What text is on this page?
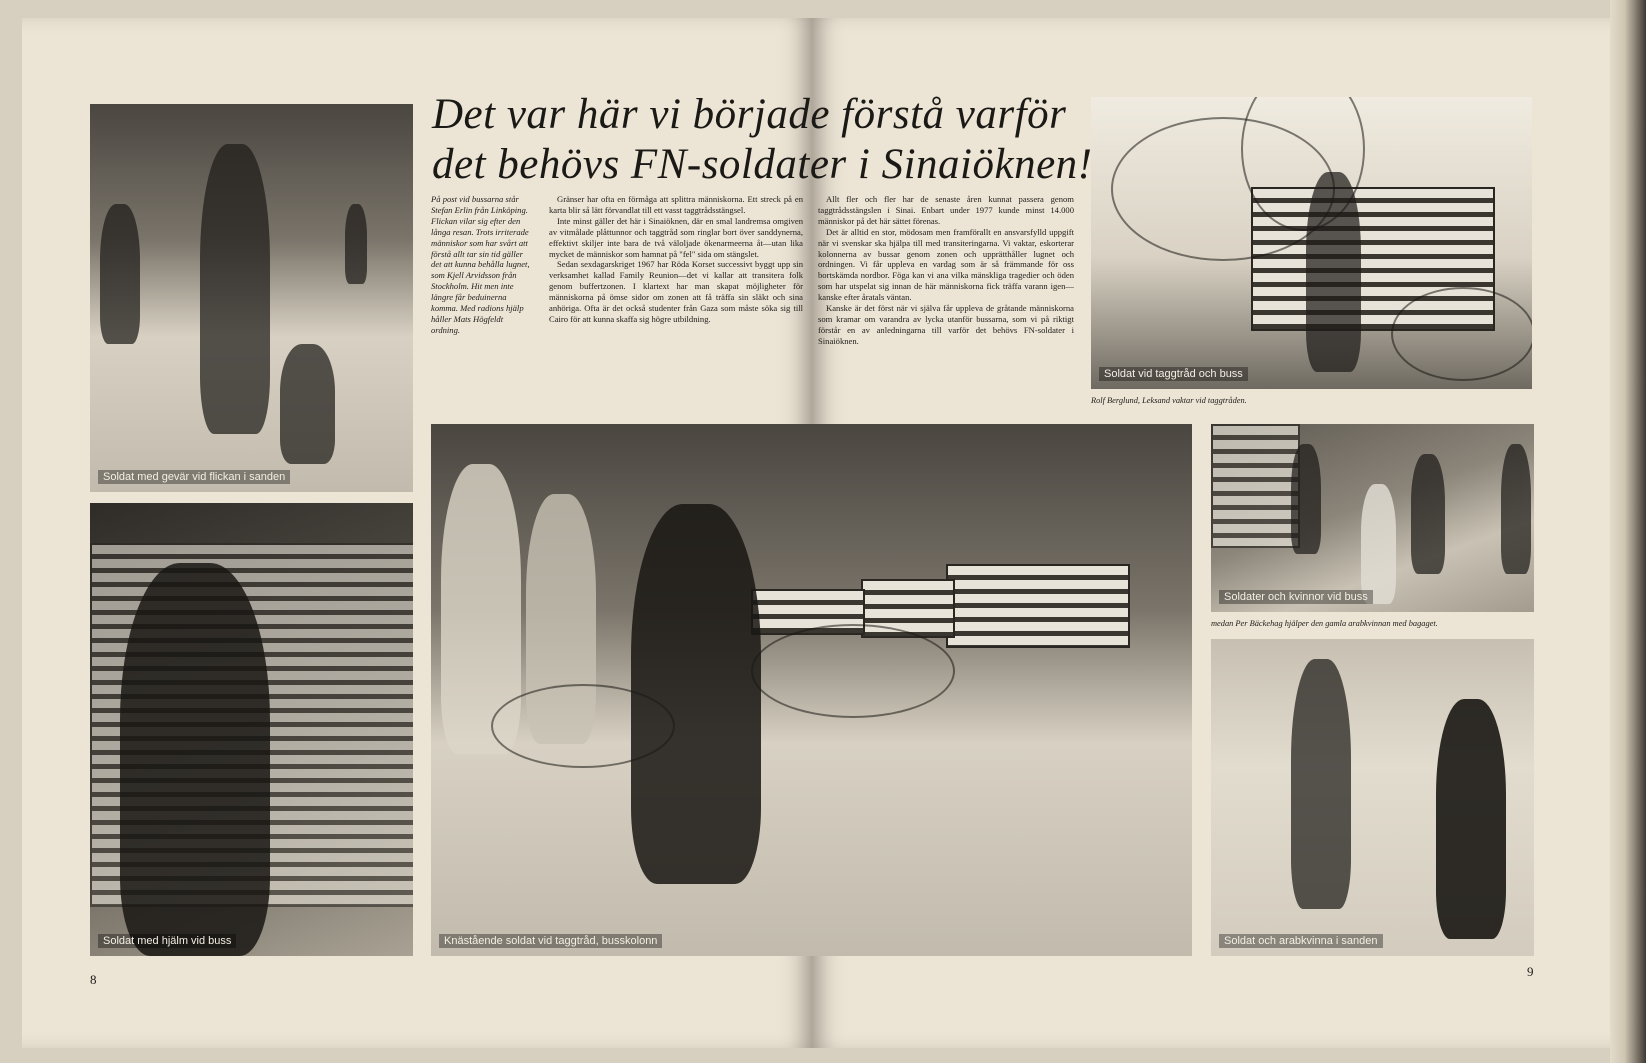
Soldat med gevär vid flickan i sanden
Soldat med hjälm vid buss	Knästående soldat vid taggtråd, busskolonn
Soldat vid taggtråd och buss
Soldater och kvinnor vid buss
Soldat och arabkvinna i sanden
Det var här vi började förstå varför
det behövs FN-soldater i Sinaiöknen!
På post vid bussarna står Stefan Erlin från Linköping. Flickan vilar sig efter den långa resan. Trots irriterade människor som har svårt att förstå allt tar sin tid gäller det att kunna behålla lugnet, som Kjell Arvidsson från Stockholm. Hit men inte längre får beduinerna komma. Med radions hjälp håller Mats Högfeldt ordning.

Gränser har ofta en förmåga att splittra människorna. Ett streck på en karta blir så lätt förvandlat till ett vasst taggtrådsstängsel.

Inte minst gäller det här i Sinaiöknen, där en smal landremsa omgiven av vitmålade plåttunnor och taggtråd som ringlar bort över sanddynerna, effektivt skiljer inte bara de två väloljade ökenarmeerna åt—utan lika mycket de människor som hamnat på "fel" sida om stängslet.

Sedan sexdagarskriget 1967 har Röda Korset successivt byggt upp sin verksamhet kallad Family Reunion—det vi kallar att transitera folk genom buffertzonen. I klartext har man skapat möjligheter för människorna på ömse sidor om zonen att få träffa sin släkt och sina anhöriga. Ofta är det också studenter från Gaza som måste söka sig till Cairo för att kunna skaffa sig högre utbildning.

Allt fler och fler har de senaste åren kunnat passera genom taggtrådsstängslen i Sinai. Enbart under 1977 kunde minst 14.000 människor på det här sättet förenas.

Det är alltid en stor, mödosam men framförallt en ansvarsfylld uppgift när vi svenskar ska hjälpa till med transiteringarna. Vi vaktar, eskorterar kolonnerna av bussar genom zonen och upprätthåller lugnet och ordningen. Vi får uppleva en vardag som är så främmande för oss bortskämda nordbor. Föga kan vi ana vilka mänskliga tragedier och öden som har utspelat sig innan de här människorna fick träffa varann igen—kanske efter åratals väntan.

Kanske är det först när vi själva får uppleva de gråtande människorna som kramar om varandra av lycka utanför bussarna, som vi på riktigt förstår en av anledningarna till varför det behövs FN-soldater i Sinaiöknen.

Rolf Berglund, Leksand vaktar vid taggtråden.
medan Per Bäckehag hjälper den gamla arabkvinnan med bagaget.
8
9
